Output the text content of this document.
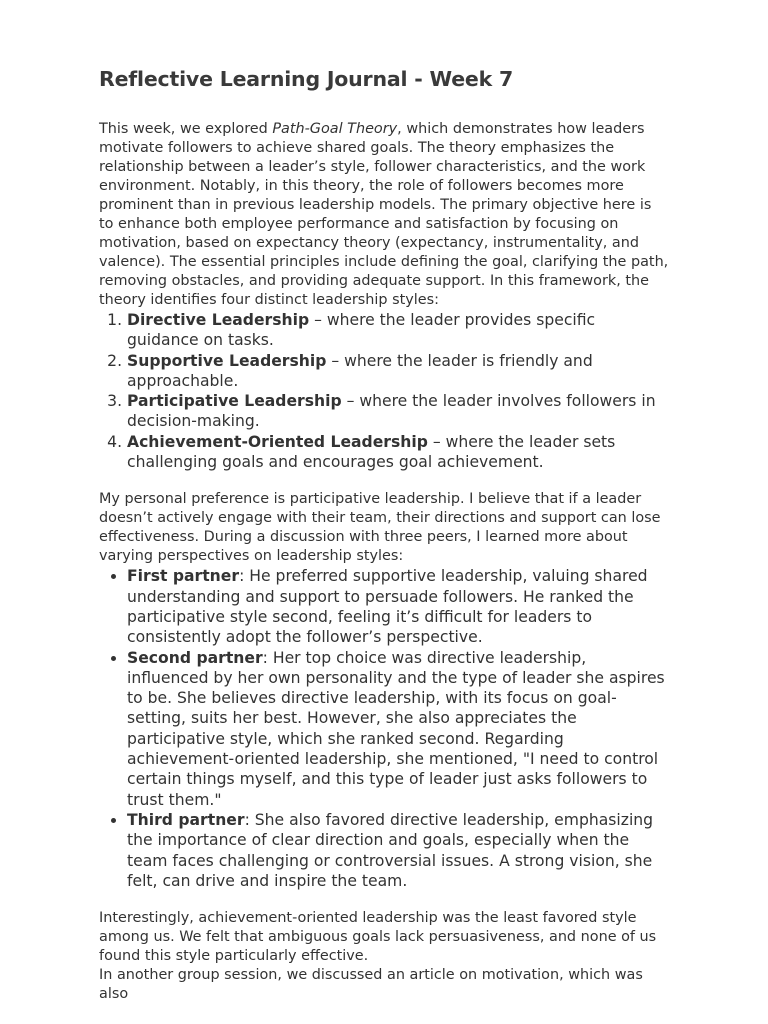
Reflective Learning Journal - Week 7

This week, we explored Path-Goal Theory, which demonstrates how leaders motivate followers to achieve shared goals. The theory emphasizes the relationship between a leader’s style, follower characteristics, and the work environment. Notably, in this theory, the role of followers becomes more prominent than in previous leadership models. The primary objective here is to enhance both employee performance and satisfaction by focusing on motivation, based on expectancy theory (expectancy, instrumentality, and valence). The essential principles include defining the goal, clarifying the path, removing obstacles, and providing adequate support. In this framework, the theory identifies four distinct leadership styles:

1. Directive Leadership – where the leader provides specific guidance on tasks.
2. Supportive Leadership – where the leader is friendly and approachable.
3. Participative Leadership – where the leader involves followers in decision-making.
4. Achievement-Oriented Leadership – where the leader sets challenging goals and encourages goal achievement.

My personal preference is participative leadership. I believe that if a leader doesn’t actively engage with their team, their directions and support can lose effectiveness. During a discussion with three peers, I learned more about varying perspectives on leadership styles:

• First partner: He preferred supportive leadership, valuing shared understanding and support to persuade followers. He ranked the participative style second, feeling it’s difficult for leaders to consistently adopt the follower’s perspective.
• Second partner: Her top choice was directive leadership, influenced by her own personality and the type of leader she aspires to be. She believes directive leadership, with its focus on goal-setting, suits her best. However, she also appreciates the participative style, which she ranked second. Regarding achievement-oriented leadership, she mentioned, "I need to control certain things myself, and this type of leader just asks followers to trust them."
• Third partner: She also favored directive leadership, emphasizing the importance of clear direction and goals, especially when the team faces challenging or controversial issues. A strong vision, she felt, can drive and inspire the team.

Interestingly, achievement-oriented leadership was the least favored style among us. We felt that ambiguous goals lack persuasiveness, and none of us found this style particularly effective.

In another group session, we discussed an article on motivation, which was also
